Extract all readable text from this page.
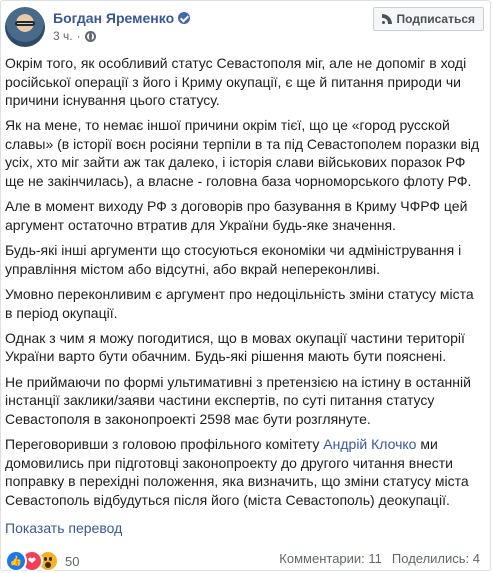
Богдан Яременко
3 ч. ·
Подписаться

Окрім того, як особливий статус Севастополя міг, але не допоміг в ході російської операції з його і Криму окупації, є ще й питання природи чи причини існування цього статусу.

Як на мене, то немає іншої причини окрім тієї, що це «город русской славы» (в історії воєн росіяни терпіли в та під Севастополем поразки від усіх, хто міг зайти аж так далеко, і історія слави військових поразок РФ ще не закінчилась), а власне - головна база чорноморського флоту РФ.

Але в момент виходу РФ з договорів про базування в Криму ЧФРФ цей аргумент остаточно втратив для України будь-яке значення.

Будь-які інші аргументи що стосуються економіки чи адміністрування і управління містом або відсутні, або вкрай непереконливі.

Умовно переконливим є аргумент про недоцільність зміни статусу міста в період окупації.

Однак з чим я можу погодитися, що в мовах окупації частини території України варто бути обачним. Будь-які рішення мають бути пояснені.

Не приймаючи по формі ультимативні з претензією на істину в останній інстанції заклики/заяви частини експертів, по суті питання статусу Севастополя в законопроекті 2598 має бути розглянуте.

Переговоривши з головою профільного комітету Андрій Клочко ми домовились при підготовці законопроекту до другого читання внести поправку в перехідні положення, яка визначить, що зміни статусу міста Севастополь відбудуться після його (міста Севастополь) деокупації.

Показать перевод
👍 ❤	50	Комментарии: 11 Поделились: 4
